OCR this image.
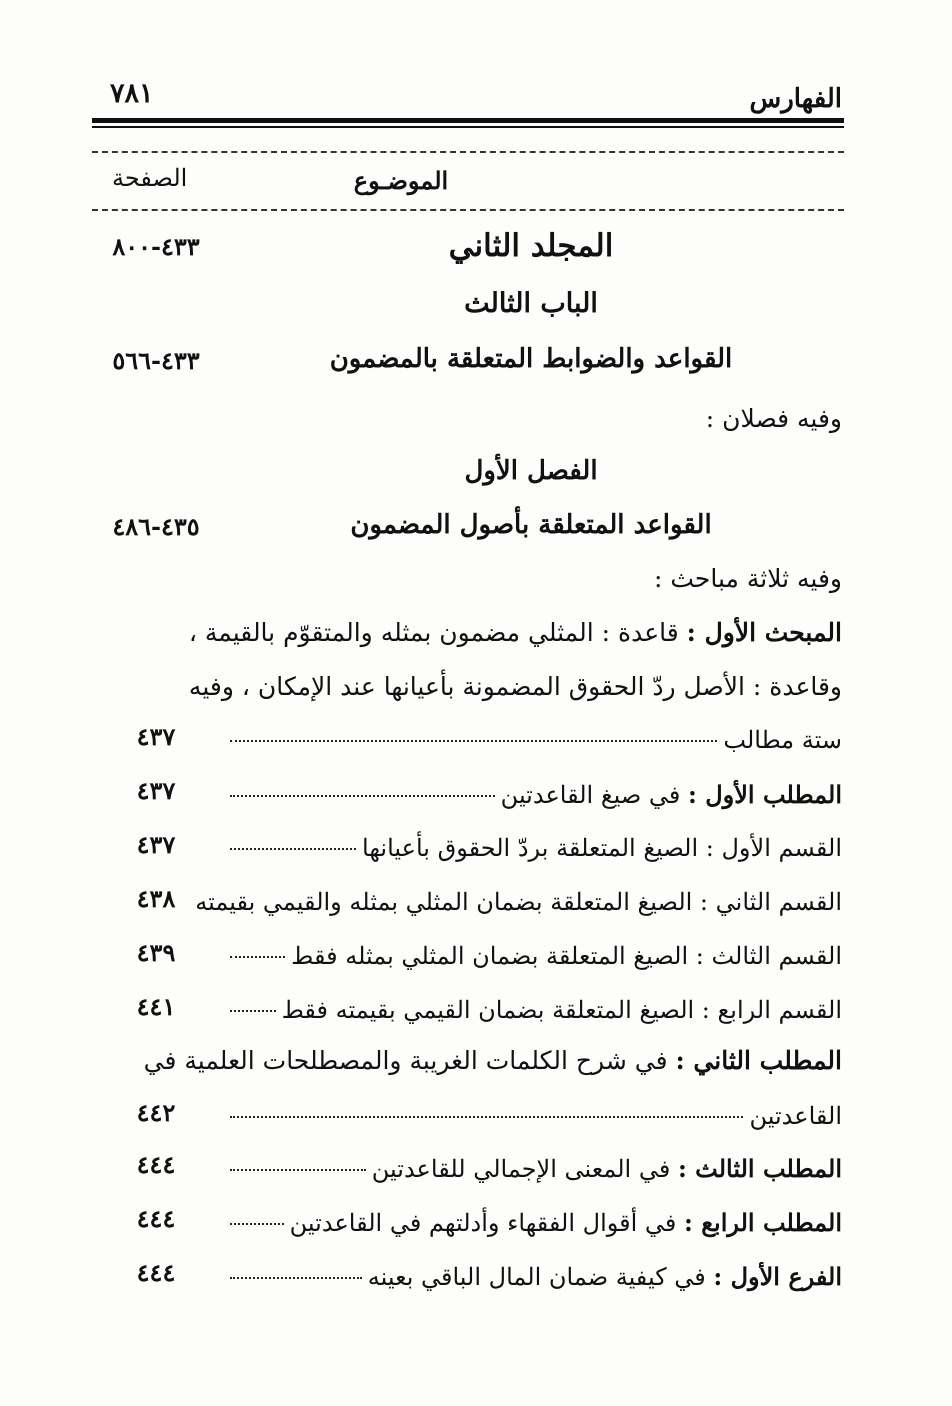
الفهارس
٧٨١
الموضـوع
الصفحة
المجلد الثاني
٤٣٣-٨٠٠
الباب الثالث
القواعد والضوابط المتعلقة بالمضمون
٤٣٣-٥٦٦
وفيه فصلان :
الفصل الأول
القواعد المتعلقة بأصول المضمون
٤٣٥-٤٨٦
وفيه ثلاثة مباحث :
المبحث الأول : قاعدة : المثلي مضمون بمثله والمتقوّم بالقيمة ،
وقاعدة : الأصل ردّ الحقوق المضمونة بأعيانها عند الإمكان ، وفيه
ستة مطالب
٤٣٧
المطلب الأول : في صيغ القاعدتين
٤٣٧
القسم الأول : الصيغ المتعلقة بردّ الحقوق بأعيانها
٤٣٧
القسم الثاني : الصيغ المتعلقة بضمان المثلي بمثله والقيمي بقيمته
٤٣٨
القسم الثالث : الصيغ المتعلقة بضمان المثلي بمثله فقط
٤٣٩
القسم الرابع : الصيغ المتعلقة بضمان القيمي بقيمته فقط
٤٤١
المطلب الثاني : في شرح الكلمات الغريبة والمصطلحات العلمية في
القاعدتين
٤٤٢
المطلب الثالث : في المعنى الإجمالي للقاعدتين
٤٤٤
المطلب الرابع : في أقوال الفقهاء وأدلتهم في القاعدتين
٤٤٤
الفرع الأول : في كيفية ضمان المال الباقي بعينه
٤٤٤
